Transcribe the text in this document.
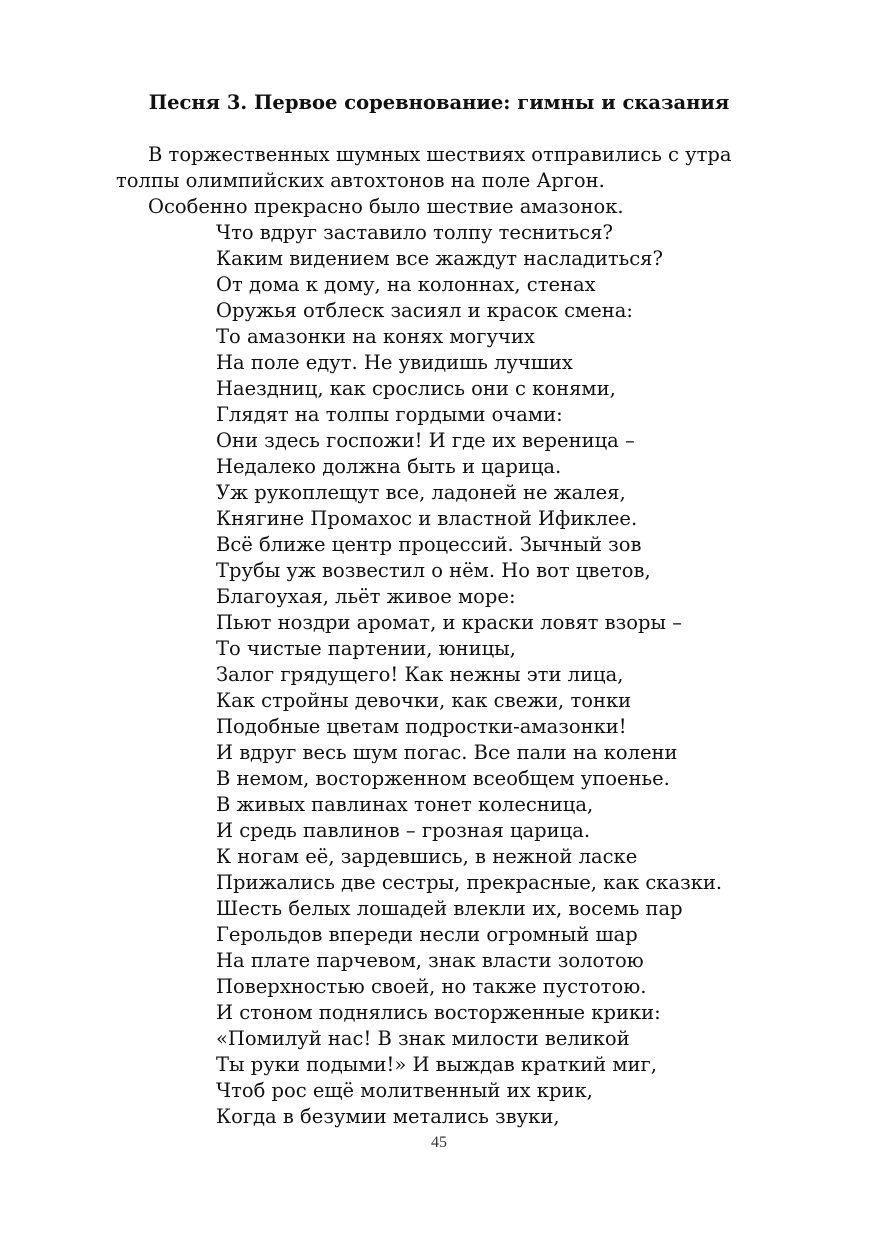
Песня 3. Первое соревнование: гимны и сказания

В торжественных шумных шествиях отправились с утра

толпы олимпийских автохтонов на поле Аргон.

Особенно прекрасно было шествие амазонок.

Что вдруг заставило толпу тесниться?
Каким видением все жаждут насладиться?
От дома к дому, на колоннах, стенах
Оружья отблеск засиял и красок смена:
То амазонки на конях могучих
На поле едут. Не увидишь лучших
Наездниц, как срослись они с конями,
Глядят на толпы гордыми очами:
Они здесь госпожи! И где их вереница –
Недалеко должна быть и царица.
Уж рукоплещут все, ладоней не жалея,
Княгине Промахос и властной Ификлее.
Всё ближе центр процессий. Зычный зов
Трубы уж возвестил о нём. Но вот цветов,
Благоухая, льёт живое море:
Пьют ноздри аромат, и краски ловят взоры –
То чистые партении, юницы,
Залог грядущего! Как нежны эти лица,
Как стройны девочки, как свежи, тонки
Подобные цветам подростки-амазонки!
И вдруг весь шум погас. Все пали на колени
В немом, восторженном всеобщем упоенье.
В живых павлинах тонет колесница,
И средь павлинов – грозная царица.
К ногам её, зардевшись, в нежной ласке
Прижались две сестры, прекрасные, как сказки.
Шесть белых лошадей влекли их, восемь пар
Герольдов впереди несли огромный шар
На плате парчевом, знак власти золотою
Поверхностью своей, но также пустотою.
И стоном поднялись восторженные крики:
«Помилуй нас! В знак милости великой
Ты руки подыми!» И выждав краткий миг,
Чтоб рос ещё молитвенный их крик,
Когда в безумии метались звуки,
45
